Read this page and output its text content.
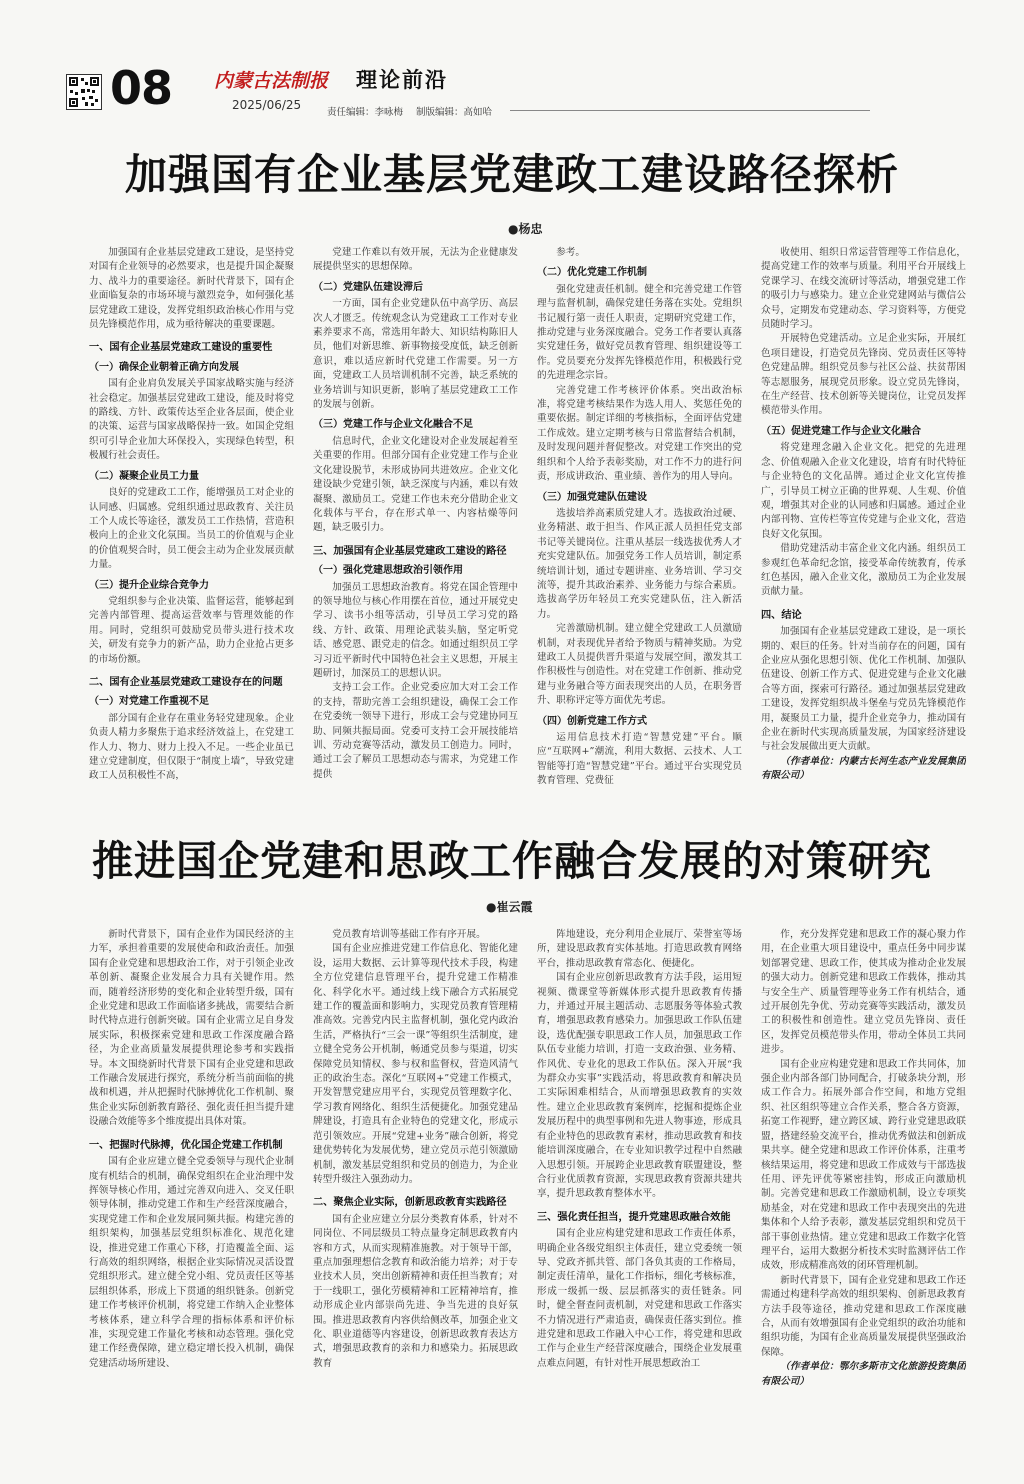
08 内蒙古法制报
2025/06/25
理论前沿
责任编辑：李咏梅 制版编辑：高如哈
加强国有企业基层党建政工建设路径探析
●杨忠

加强国有企业基层党建政工建设，是坚持党对国有企业领导的必然要求，也是提升国企凝聚力、战斗力的重要途径。新时代背景下，国有企业面临复杂的市场环境与激烈竞争，如何强化基层党建政工建设，发挥党组织政治核心作用与党员先锋模范作用，成为亟待解决的重要课题。

一、国有企业基层党建政工建设的重要性

（一）确保企业朝着正确方向发展

国有企业肩负发展关乎国家战略实施与经济社会稳定。加强基层党建政工建设，能及时将党的路线、方针、政策传达至企业各层面，使企业的决策、运营与国家战略保持一致。如国企党组织可引导企业加大环保投入，实现绿色转型，积极履行社会责任。

（二）凝聚企业员工力量

良好的党建政工工作，能增强员工对企业的认同感、归属感。党组织通过思政教育、关注员工个人成长等途径，激发员工工作热情，营造积极向上的企业文化氛围。当员工的价值观与企业的价值观契合时，员工便会主动为企业发展贡献力量。

（三）提升企业综合竞争力

党组织参与企业决策、监督运营，能够起到完善内部管理、提高运营效率与管理效能的作用。同时，党组织可鼓励党员带头进行技术攻关，研发有竞争力的新产品，助力企业抢占更多的市场份额。

二、国有企业基层党建政工建设存在的问题

（一）对党建工作重视不足

部分国有企业存在重业务轻党建现象。企业负责人精力多聚焦于追求经济效益上，在党建工作人力、物力、财力上投入不足。一些企业虽已建立党建制度，但仅限于“制度上墙”，导致党建政工人员积极性不高，

党建工作难以有效开展，无法为企业健康发展提供坚实的思想保障。

（二）党建队伍建设滞后

一方面，国有企业党建队伍中高学历、高层次人才匮乏。传统观念认为党建政工工作对专业素养要求不高，常选用年龄大、知识结构陈旧人员，他们对新思维、新事物接受度低，缺乏创新意识，难以适应新时代党建工作需要。另一方面，党建政工人员培训机制不完善，缺乏系统的业务培训与知识更新，影响了基层党建政工工作的发展与创新。

（三）党建工作与企业文化融合不足

信息时代，企业文化建设对企业发展起着至关重要的作用。但部分国有企业党建工作与企业文化建设脱节，未形成协同共进效应。企业文化建设缺少党建引领，缺乏深度与内涵，难以有效凝聚、激励员工。党建工作也未充分借助企业文化载体与平台，存在形式单一、内容枯燥等问题，缺乏吸引力。

三、加强国有企业基层党建政工建设的路径

（一）强化党建思想政治引领作用

加强员工思想政治教育。将党在国企管理中的领导地位与核心作用摆在首位，通过开展党史学习、读书小组等活动，引导员工学习党的路线、方针、政策、用理论武装头脑，坚定听党话、感党恩、跟党走的信念。如通过组织员工学习习近平新时代中国特色社会主义思想，开展主题研讨，加深员工的思想认识。

支持工会工作。企业党委应加大对工会工作的支持，帮助完善工会组织建设，确保工会工作在党委统一领导下进行，形成工会与党建协同互助、同频共振局面。党委可支持工会开展技能培训、劳动竞赛等活动，激发员工创造力。同时，通过工会了解员工思想动态与需求，为党建工作提供

参考。

（二）优化党建工作机制

强化党建责任机制。健全和完善党建工作管理与监督机制，确保党建任务落在实处。党组织书记履行第一责任人职责，定期研究党建工作，推动党建与业务深度融合。党务工作者要认真落实党建任务，做好党员教育管理、组织建设等工作。党员要充分发挥先锋模范作用，积极践行党的先进理念宗旨。

完善党建工作考核评价体系。突出政治标准，将党建考核结果作为选人用人、奖惩任免的重要依据。制定详细的考核指标，全面评估党建工作成效。建立定期考核与日常监督结合机制，及时发现问题并督促整改。对党建工作突出的党组织和个人给予表彰奖励，对工作不力的进行问责，形成讲政治、重业绩、善作为的用人导向。

（三）加强党建队伍建设

选拔培养高素质党建人才。选拔政治过硬、业务精湛、敢于担当、作风正派人员担任党支部书记等关键岗位。注重从基层一线选拔优秀人才充实党建队伍。加强党务工作人员培训，制定系统培训计划，通过专题讲座、业务培训、学习交流等，提升其政治素养、业务能力与综合素质。选拔高学历年轻员工充实党建队伍，注入新活力。

完善激励机制。建立健全党建政工人员激励机制，对表现优异者给予物质与精神奖励。为党建政工人员提供晋升渠道与发展空间，激发其工作积极性与创造性。对在党建工作创新、推动党建与业务融合等方面表现突出的人员，在职务晋升、职称评定等方面优先考虑。

（四）创新党建工作方式

运用信息技术打造“智慧党建”平台。顺应“互联网+”潮流，利用大数据、云技术、人工智能等打造“智慧党建”平台。通过平台实现党员教育管理、党费征

收使用、组织日常运营管理等工作信息化，提高党建工作的效率与质量。利用平台开展线上党课学习、在线交流研讨等活动，增强党建工作的吸引力与感染力。建立企业党建网站与微信公众号，定期发布党建动态、学习资料等，方便党员随时学习。

开展特色党建活动。立足企业实际，开展红色项目建设，打造党员先锋岗、党员责任区等特色党建品牌。组织党员参与社区公益、扶贫帮困等志愿服务，展现党员形象。设立党员先锋岗，在生产经营、技术创新等关键岗位，让党员发挥模范带头作用。

（五）促进党建工作与企业文化融合

将党建理念融入企业文化。把党的先进理念、价值观融入企业文化建设，培育有时代特征与企业特色的文化品牌。通过企业文化宣传推广，引导员工树立正确的世界观、人生观、价值观，增强其对企业的认同感和归属感。通过企业内部刊物、宣传栏等宣传党建与企业文化，营造良好文化氛围。

借助党建活动丰富企业文化内涵。组织员工参观红色革命纪念馆，接受革命传统教育，传承红色基因，融入企业文化，激励员工为企业发展贡献力量。

四、结论

加强国有企业基层党建政工建设，是一项长期的、艰巨的任务。针对当前存在的问题，国有企业应从强化思想引领、优化工作机制、加强队伍建设、创新工作方式、促进党建与企业文化融合等方面，探索可行路径。通过加强基层党建政工建设，发挥党组织战斗堡垒与党员先锋模范作用，凝聚员工力量，提升企业竞争力，推动国有企业在新时代实现高质量发展，为国家经济建设与社会发展做出更大贡献。

（作者单位：内蒙古长河生态产业发展集团有限公司）

推进国企党建和思政工作融合发展的对策研究
●崔云霞

新时代背景下，国有企业作为国民经济的主力军，承担着重要的发展使命和政治责任。加强国有企业党建和思想政治工作，对于引领企业改革创新、凝聚企业发展合力具有关键作用。然而，随着经济形势的变化和企业转型升级，国有企业党建和思政工作面临诸多挑战，需要结合新时代特点进行创新突破。国有企业需立足自身发展实际，积极探索党建和思政工作深度融合路径，为企业高质量发展提供理论参考和实践指导。本文围绕新时代背景下国有企业党建和思政工作融合发展进行探究，系统分析当前面临的挑战和机遇，并从把握时代脉搏优化工作机制、聚焦企业实际创新教育路径、强化责任担当提升建设融合效能等多个维度提出具体对策。

一、把握时代脉搏，优化国企党建工作机制

国有企业应建立健全党委领导与现代企业制度有机结合的机制，确保党组织在企业治理中发挥领导核心作用，通过完善双向进入、交叉任职领导体制，推动党建工作和生产经营深度融合，实现党建工作和企业发展同频共振。构建完善的组织架构，加强基层党组织标准化、规范化建设，推进党建工作重心下移，打造覆盖全面、运行高效的组织网络，根据企业实际情况灵活设置党组织形式。建立健全党小组、党员责任区等基层组织体系，形成上下贯通的组织链条。创新党建工作考核评价机制，将党建工作纳入企业整体考核体系，建立科学合理的指标体系和评价标准，实现党建工作量化考核和动态管理。强化党建工作经费保障，建立稳定增长投入机制，确保党建活动场所建设、

党员教育培训等基础工作有序开展。

国有企业应推进党建工作信息化、智能化建设，运用大数据、云计算等现代技术手段，构建全方位党建信息管理平台，提升党建工作精准化、科学化水平。通过线上线下融合方式拓展党建工作的覆盖面和影响力，实现党员教育管理精准高效。完善党内民主监督机制，强化党内政治生活，严格执行“三会一课”等组织生活制度，建立健全党务公开机制，畅通党员参与渠道，切实保障党员知情权、参与权和监督权，营造风清气正的政治生态。深化“互联网+”党建工作模式，开发智慧党建应用平台，实现党员管理数字化、学习教育网络化、组织生活便捷化。加强党建品牌建设，打造具有企业特色的党建文化，形成示范引领效应。开展“党建+业务”融合创新，将党建优势转化为发展优势，建立党员示范引领激励机制，激发基层党组织和党员的创造力，为企业转型升级注入强劲动力。

二、聚焦企业实际，创新思政教育实践路径

国有企业应建立分层分类教育体系，针对不同岗位、不同层级员工特点量身定制思政教育内容和方式，从而实现精准施教。对于领导干部，重点加强理想信念教育和政治能力培养；对于专业技术人员，突出创新精神和责任担当教育；对于一线职工，强化劳模精神和工匠精神培育，推动形成企业内部崇尚先进、争当先进的良好氛围。推进思政教育内容供给侧改革，加强企业文化、职业道德等内容建设，创新思政教育表达方式，增强思政教育的亲和力和感染力。拓展思政教育

阵地建设，充分利用企业展厅、荣誉室等场所，建设思政教育实体基地。打造思政教育网络平台，推动思政教育常态化、便捷化。

国有企业应创新思政教育方法手段，运用短视频、微课堂等新媒体形式提升思政教育传播力，并通过开展主题活动、志愿服务等体验式教育，增强思政教育感染力。加强思政工作队伍建设，选优配强专职思政工作人员，加强思政工作队伍专业能力培训，打造一支政治强、业务精、作风优、专业化的思政工作队伍。深入开展“我为群众办实事”实践活动，将思政教育和解决员工实际困难相结合，从而增强思政教育的实效性。建立企业思政教育案例库，挖掘和提炼企业发展历程中的典型事例和先进人物事迹，形成具有企业特色的思政教育素材，推动思政教育和技能培训深度融合，在专业知识教学过程中自然融入思想引领。开展跨企业思政教育联盟建设，整合行业优质教育资源，实现思政教育资源共建共享，提升思政教育整体水平。

三、强化责任担当，提升党建思政融合效能

国有企业应构建党建和思政工作责任体系，明确企业各级党组织主体责任，建立党委统一领导、党政齐抓共管、部门各负其责的工作格局，制定责任清单，量化工作指标，细化考核标准，形成一级抓一级、层层抓落实的责任链条。同时，健全督查问责机制，对党建和思政工作落实不力情况进行严肃追责，确保责任落实到位。推进党建和思政工作融入中心工作，将党建和思政工作与企业生产经营深度融合，围绕企业发展重点难点问题，有针对性开展思想政治工

作，充分发挥党建和思政工作的凝心聚力作用，在企业重大项目建设中，重点任务中同步谋划部署党建、思政工作，使其成为推动企业发展的强大动力。创新党建和思政工作载体，推动其与安全生产、质量管理等业务工作有机结合，通过开展创先争优、劳动竞赛等实践活动，激发员工的积极性和创造性。建立党员先锋岗、责任区，发挥党员模范带头作用，带动全体员工共同进步。

国有企业应构建党建和思政工作共同体，加强企业内部各部门协同配合，打破条块分割，形成工作合力。拓展外部合作空间，和地方党组织、社区组织等建立合作关系，整合各方资源，拓宽工作视野，建立跨区域、跨行业党建思政联盟，搭建经验交流平台，推动优秀做法和创新成果共享。健全党建和思政工作评价体系，注重考核结果运用，将党建和思政工作成效与干部选拔任用、评先评优等紧密挂钩，形成正向激励机制。完善党建和思政工作激励机制，设立专项奖励基金，对在党建和思政工作中表现突出的先进集体和个人给予表彰，激发基层党组织和党员干部干事创业热情。建立党建和思政工作数字化管理平台，运用大数据分析技术实时监测评估工作成效，形成精准高效的闭环管理机制。

新时代背景下，国有企业党建和思政工作还需通过构建科学高效的组织架构、创新思政教育方法手段等途径，推动党建和思政工作深度融合，从而有效增强国有企业党组织的政治功能和组织功能，为国有企业高质量发展提供坚强政治保障。

（作者单位：鄂尔多斯市文化旅游投资集团有限公司）
